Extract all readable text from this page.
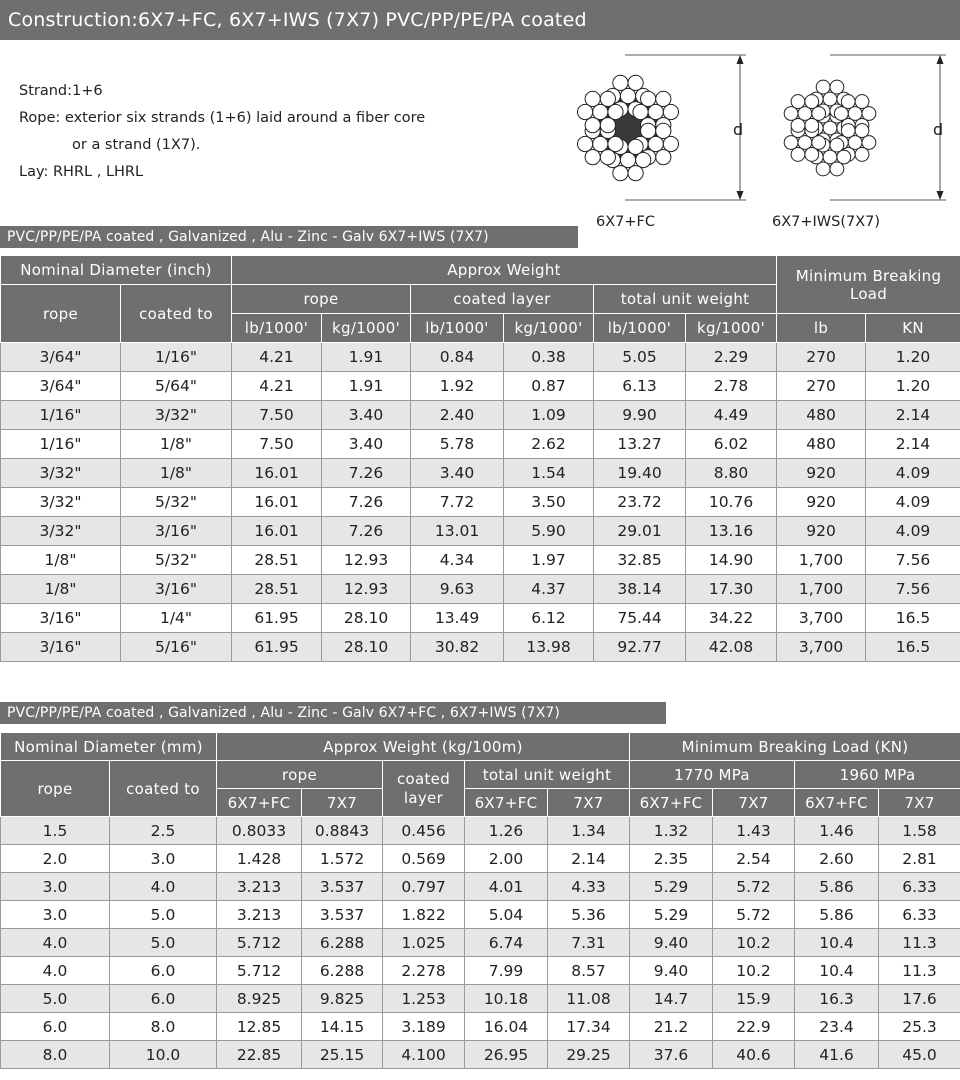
Construction:6X7+FC, 6X7+IWS (7X7) PVC/PP/PE/PA coated
Strand:1+6
Rope: exterior six strands (1+6) laid around a fiber core
or a strand (1X7).
Lay: RHRL , LHRL
d	d
6X7+FC	6X7+IWS(7X7)
PVC/PP/PE/PA coated , Galvanized , Alu - Zinc - Galv 6X7+IWS (7X7)
Nominal Diameter (inch)		Approx Weight						Minimum Breaking Load	
rope	coated to	rope		coated layer		total unit weight			
		lb/1000'	kg/1000'	lb/1000'	kg/1000'	lb/1000'	kg/1000'	lb	KN
3/64"	1/16"	4.21	1.91	0.84	0.38	5.05	2.29	270	1.20
3/64"	5/64"	4.21	1.91	1.92	0.87	6.13	2.78	270	1.20
1/16"	3/32"	7.50	3.40	2.40	1.09	9.90	4.49	480	2.14
1/16"	1/8"	7.50	3.40	5.78	2.62	13.27	6.02	480	2.14
3/32"	1/8"	16.01	7.26	3.40	1.54	19.40	8.80	920	4.09
3/32"	5/32"	16.01	7.26	7.72	3.50	23.72	10.76	920	4.09
3/32"	3/16"	16.01	7.26	13.01	5.90	29.01	13.16	920	4.09
1/8"	5/32"	28.51	12.93	4.34	1.97	32.85	14.90	1,700	7.56
1/8"	3/16"	28.51	12.93	9.63	4.37	38.14	17.30	1,700	7.56
3/16"	1/4"	61.95	28.10	13.49	6.12	75.44	34.22	3,700	16.5
3/16"	5/16"	61.95	28.10	30.82	13.98	92.77	42.08	3,700	16.5
PVC/PP/PE/PA coated , Galvanized , Alu - Zinc - Galv 6X7+FC , 6X7+IWS (7X7)
Nominal Diameter (mm)		Approx Weight (kg/100m)					Minimum Breaking Load (KN)			
rope	coated to	rope		coated layer	total unit weight		1770 MPa		1960 MPa	
		6X7+FC	7X7		6X7+FC	7X7	6X7+FC	7X7	6X7+FC	7X7
1.5	2.5	0.8033	0.8843	0.456	1.26	1.34	1.32	1.43	1.46	1.58
2.0	3.0	1.428	1.572	0.569	2.00	2.14	2.35	2.54	2.60	2.81
3.0	4.0	3.213	3.537	0.797	4.01	4.33	5.29	5.72	5.86	6.33
3.0	5.0	3.213	3.537	1.822	5.04	5.36	5.29	5.72	5.86	6.33
4.0	5.0	5.712	6.288	1.025	6.74	7.31	9.40	10.2	10.4	11.3
4.0	6.0	5.712	6.288	2.278	7.99	8.57	9.40	10.2	10.4	11.3
5.0	6.0	8.925	9.825	1.253	10.18	11.08	14.7	15.9	16.3	17.6
6.0	8.0	12.85	14.15	3.189	16.04	17.34	21.2	22.9	23.4	25.3
8.0	10.0	22.85	25.15	4.100	26.95	29.25	37.6	40.6	41.6	45.0
